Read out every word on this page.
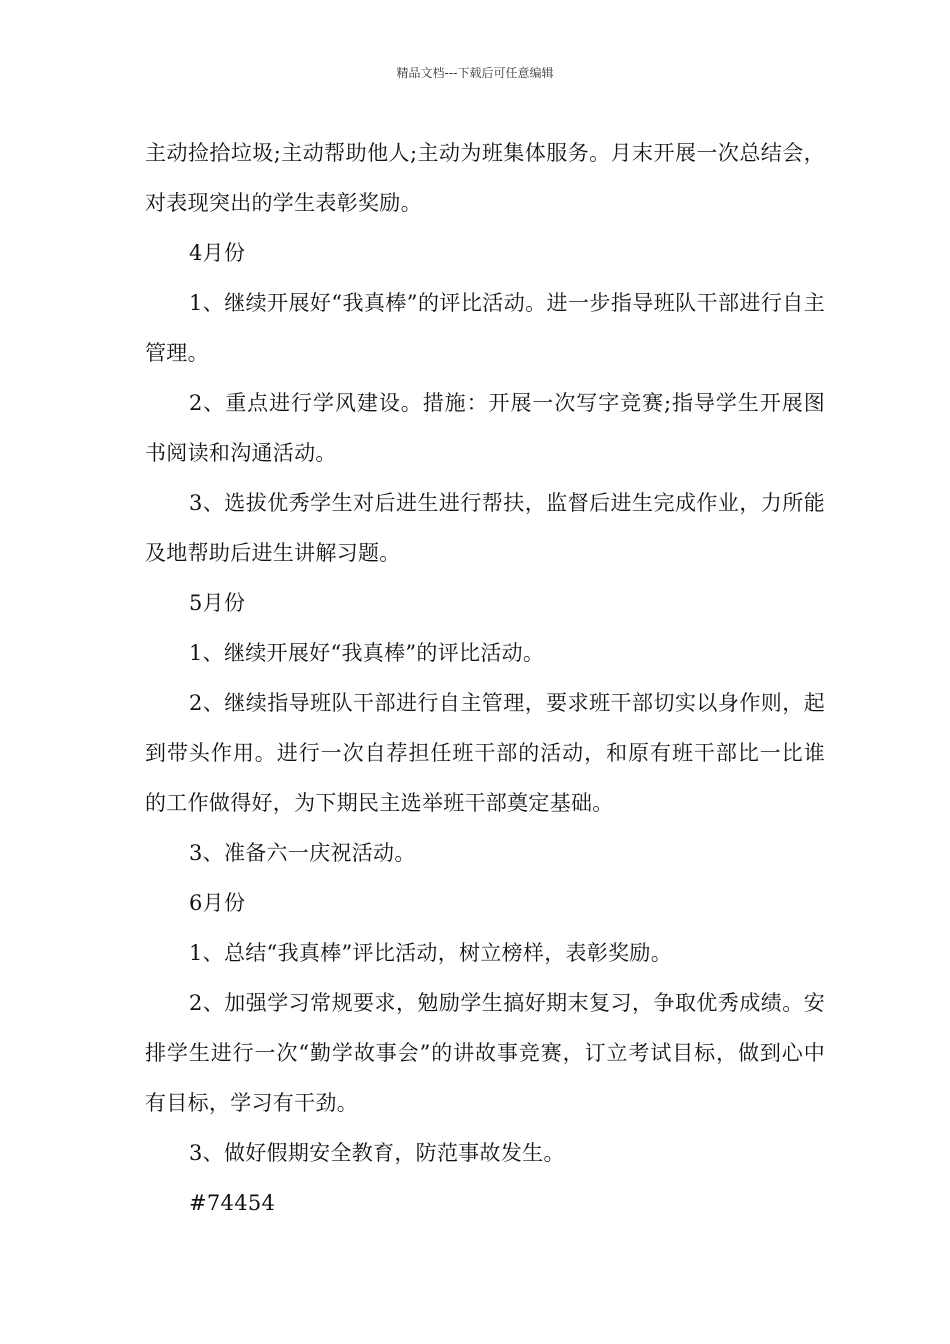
精品文档---下载后可任意编辑

主动捡拾垃圾;主动帮助他人;主动为班集体服务。月末开展一次总结会，对表现突出的学生表彰奖励。

4月份

1、继续开展好“我真棒”的评比活动。进一步指导班队干部进行自主管理。

2、重点进行学风建设。措施：开展一次写字竞赛;指导学生开展图书阅读和沟通活动。

3、选拔优秀学生对后进生进行帮扶，监督后进生完成作业，力所能及地帮助后进生讲解习题。

5月份

1、继续开展好“我真棒”的评比活动。

2、继续指导班队干部进行自主管理，要求班干部切实以身作则，起到带头作用。进行一次自荐担任班干部的活动，和原有班干部比一比谁的工作做得好，为下期民主选举班干部奠定基础。

3、准备六一庆祝活动。

6月份

1、总结“我真棒”评比活动，树立榜样，表彰奖励。

2、加强学习常规要求，勉励学生搞好期末复习，争取优秀成绩。安排学生进行一次“勤学故事会”的讲故事竞赛，订立考试目标，做到心中有目标，学习有干劲。

3、做好假期安全教育，防范事故发生。

#74454
